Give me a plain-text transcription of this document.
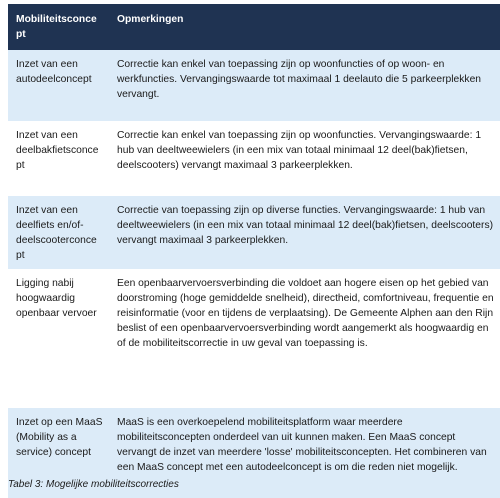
Mobiliteitsconce pt
Opmerkingen
Inzet van een autodeelconcept
Correctie kan enkel van toepassing zijn op woonfuncties of op woon- en werkfuncties. Vervangingswaarde tot maximaal 1 deelauto die 5 parkeerplekken vervangt.
Inzet van een deelbakfietsconce pt
Correctie kan enkel van toepassing zijn op woonfuncties. Vervangingswaarde: 1 hub van deeltweewielers (in een mix van totaal minimaal 12 deel(bak)fietsen, deelscooters) vervangt maximaal 3 parkeerplekken.
Inzet van een deelfiets en/of-deelscooterconce pt
Correctie van toepassing zijn op diverse functies. Vervangingswaarde: 1 hub van deeltweewielers (in een mix van totaal minimaal 12 deel(bak)fietsen, deelscooters) vervangt maximaal 3 parkeerplekken.
Ligging nabij hoogwaardig openbaar vervoer
Een openbaarvervoersverbinding die voldoet aan hogere eisen op het gebied van doorstroming (hoge gemiddelde snelheid), directheid, comfortniveau, frequentie en reisinformatie (voor en tijdens de verplaatsing). De Gemeente Alphen aan den Rijn beslist of een openbaarvervoersverbinding wordt aangemerkt als hoogwaardig en of de mobiliteitscorrectie in uw geval van toepassing is.
Inzet op een MaaS (Mobility as a service) concept
MaaS is een overkoepelend mobiliteitsplatform waar meerdere mobiliteitsconcepten onderdeel van uit kunnen maken. Een MaaS concept vervangt de inzet van meerdere 'losse' mobiliteitsconcepten. Het combineren van een MaaS concept met een autodeelconcept is om die reden niet mogelijk.
Tabel 3: Mogelijke mobiliteitscorrecties
